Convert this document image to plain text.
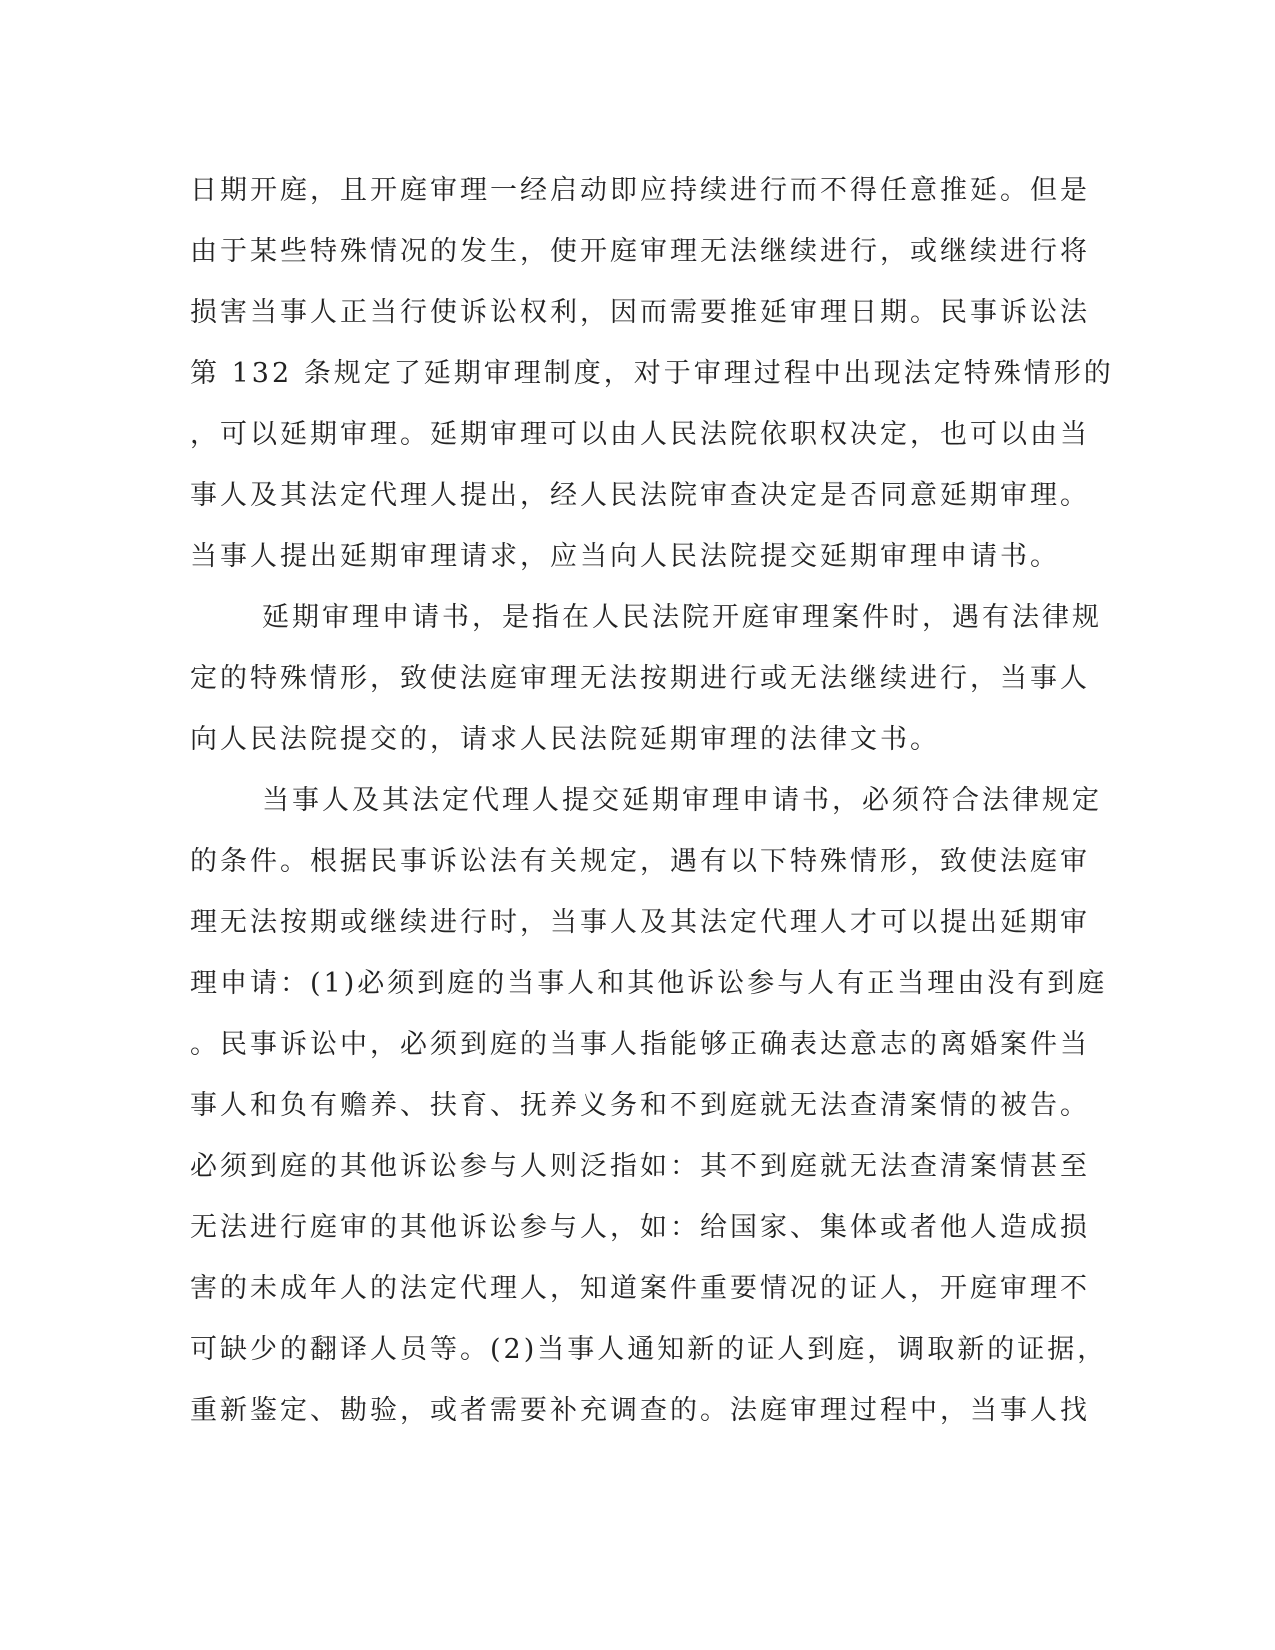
日期开庭，且开庭审理一经启动即应持续进行而不得任意推延。但是
由于某些特殊情况的发生，使开庭审理无法继续进行，或继续进行将
损害当事人正当行使诉讼权利，因而需要推延审理日期。民事诉讼法
第 132 条规定了延期审理制度，对于审理过程中出现法定特殊情形的
，可以延期审理。延期审理可以由人民法院依职权决定，也可以由当
事人及其法定代理人提出，经人民法院审查决定是否同意延期审理。
当事人提出延期审理请求，应当向人民法院提交延期审理申请书。
延期审理申请书，是指在人民法院开庭审理案件时，遇有法律规
定的特殊情形，致使法庭审理无法按期进行或无法继续进行，当事人
向人民法院提交的，请求人民法院延期审理的法律文书。
当事人及其法定代理人提交延期审理申请书，必须符合法律规定
的条件。根据民事诉讼法有关规定，遇有以下特殊情形，致使法庭审
理无法按期或继续进行时，当事人及其法定代理人才可以提出延期审
理申请：(1)必须到庭的当事人和其他诉讼参与人有正当理由没有到庭
。民事诉讼中，必须到庭的当事人指能够正确表达意志的离婚案件当
事人和负有赡养、扶育、抚养义务和不到庭就无法查清案情的被告。
必须到庭的其他诉讼参与人则泛指如：其不到庭就无法查清案情甚至
无法进行庭审的其他诉讼参与人，如：给国家、集体或者他人造成损
害的未成年人的法定代理人，知道案件重要情况的证人，开庭审理不
可缺少的翻译人员等。(2)当事人通知新的证人到庭，调取新的证据，
重新鉴定、勘验，或者需要补充调查的。法庭审理过程中，当事人找
